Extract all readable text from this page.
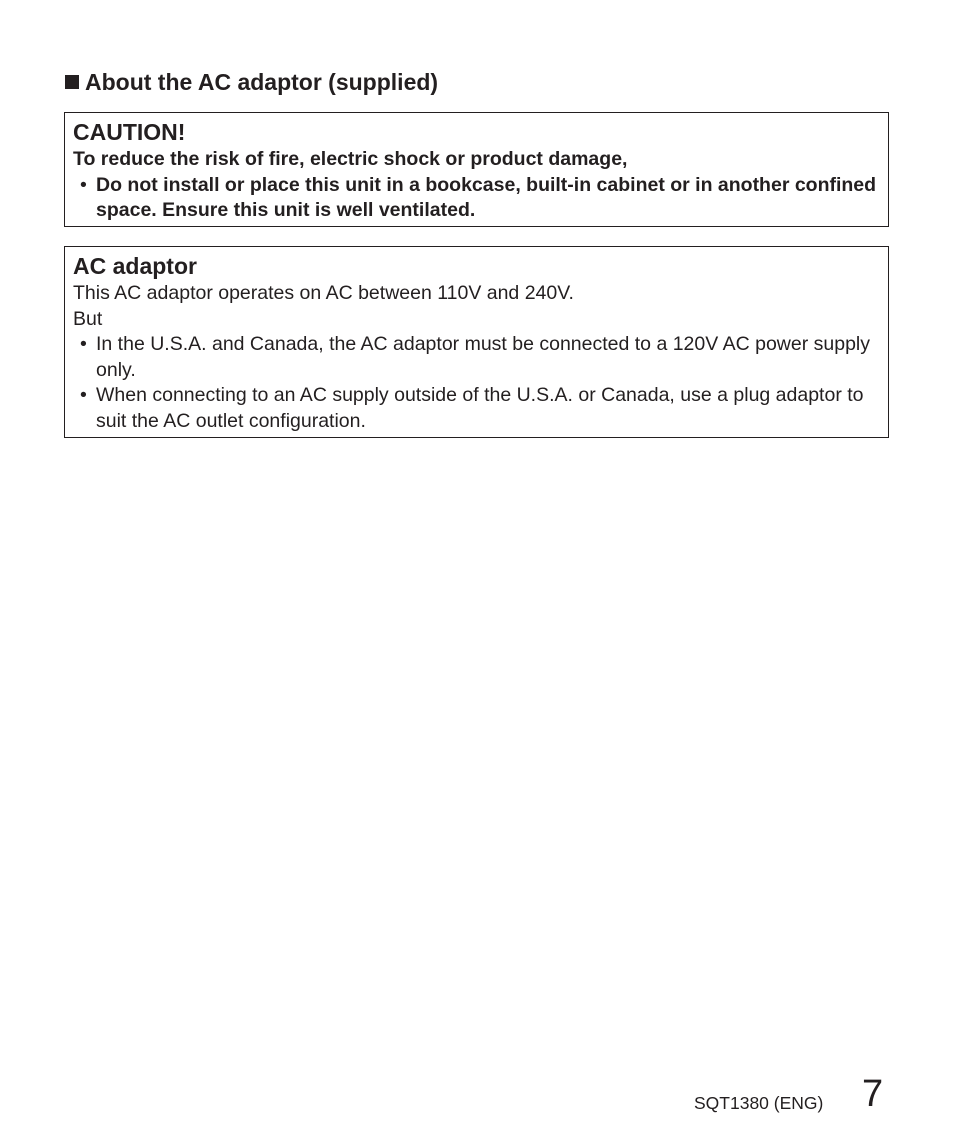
About the AC adaptor (supplied)

CAUTION!

To reduce the risk of fire, electric shock or product damage,

• Do not install or place this unit in a bookcase, built-in cabinet or in another confined space. Ensure this unit is well ventilated.

AC adaptor

This AC adaptor operates on AC between 110V and 240V.

But

• In the U.S.A. and Canada, the AC adaptor must be connected to a 120V AC power supply only.
• When connecting to an AC supply outside of the U.S.A. or Canada, use a plug adaptor to suit the AC outlet configuration.
SQT1380 (ENG) 7
